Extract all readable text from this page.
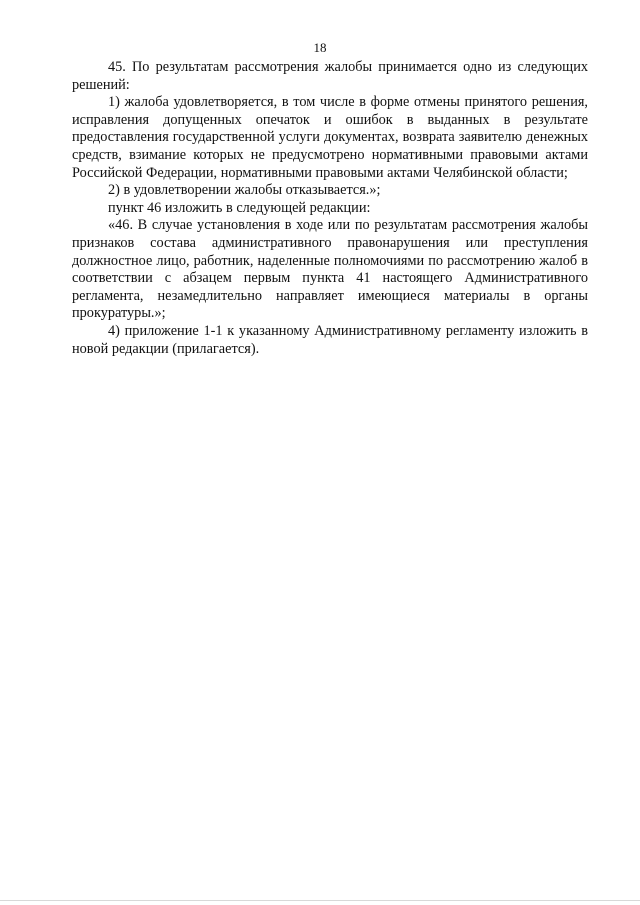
18

45. По результатам рассмотрения жалобы принимается одно из следующих решений:

1) жалоба удовлетворяется, в том числе в форме отмены принятого решения, исправления допущенных опечаток и ошибок в выданных в результате предоставления государственной услуги документах, возврата заявителю денежных средств, взимание которых не предусмотрено нормативными правовыми актами Российской Федерации, нормативными правовыми актами Челябинской области;

2) в удовлетворении жалобы отказывается.»;

пункт 46 изложить в следующей редакции:

«46. В случае установления в ходе или по результатам рассмотрения жалобы признаков состава административного правонарушения или преступления должностное лицо, работник, наделенные полномочиями по рассмотрению жалоб в соответствии с абзацем первым пункта 41 настоящего Административного регламента, незамедлительно направляет имеющиеся материалы в органы прокуратуры.»;

4) приложение 1-1 к указанному Административному регламенту изложить в новой редакции (прилагается).
